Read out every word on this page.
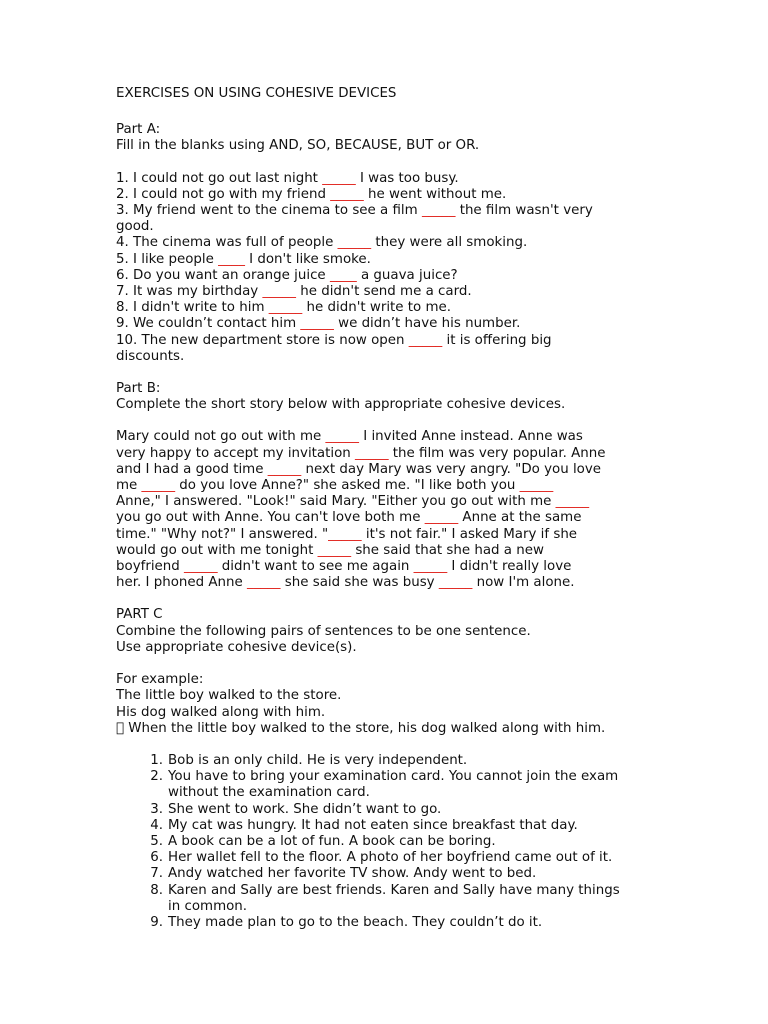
EXERCISES ON USING COHESIVE DEVICES
Part A:
Fill in the blanks using AND, SO, BECAUSE, BUT or OR.
1. I could not go out last night _____ I was too busy.
2. I could not go with my friend _____ he went without me.
3. My friend went to the cinema to see a film _____ the film wasn't very
good.
4. The cinema was full of people _____ they were all smoking.
5. I like people ____ I don't like smoke.
6. Do you want an orange juice ____ a guava juice?
7. It was my birthday _____ he didn't send me a card.
8. I didn't write to him _____ he didn't write to me.
9. We couldn’t contact him _____ we didn’t have his number.
10. The new department store is now open _____ it is offering big
discounts.
Part B:
Complete the short story below with appropriate cohesive devices.
Mary could not go out with me _____ I invited Anne instead. Anne was
very happy to accept my invitation _____ the film was very popular. Anne
and I had a good time _____ next day Mary was very angry. "Do you love
me _____ do you love Anne?" she asked me. "I like both you _____
Anne," I answered. "Look!" said Mary. "Either you go out with me _____
you go out with Anne. You can't love both me _____ Anne at the same
time." "Why not?" I answered. "_____ it's not fair." I asked Mary if she
would go out with me tonight _____ she said that she had a new
boyfriend _____ didn't want to see me again _____ I didn't really love
her. I phoned Anne _____ she said she was busy _____ now I'm alone.
PART C
Combine the following pairs of sentences to be one sentence.
Use appropriate cohesive device(s).
For example:
The little boy walked to the store.
His dog walked along with him.
When the little boy walked to the store, his dog walked along with him.
1. Bob is an only child. He is very independent.
2. You have to bring your examination card. You cannot join the exam without the examination card.
3. She went to work. She didn’t want to go.
4. My cat was hungry. It had not eaten since breakfast that day.
5. A book can be a lot of fun. A book can be boring.
6. Her wallet fell to the floor. A photo of her boyfriend came out of it.
7. Andy watched her favorite TV show. Andy went to bed.
8. Karen and Sally are best friends. Karen and Sally have many things in common.
9. They made plan to go to the beach. They couldn’t do it.
